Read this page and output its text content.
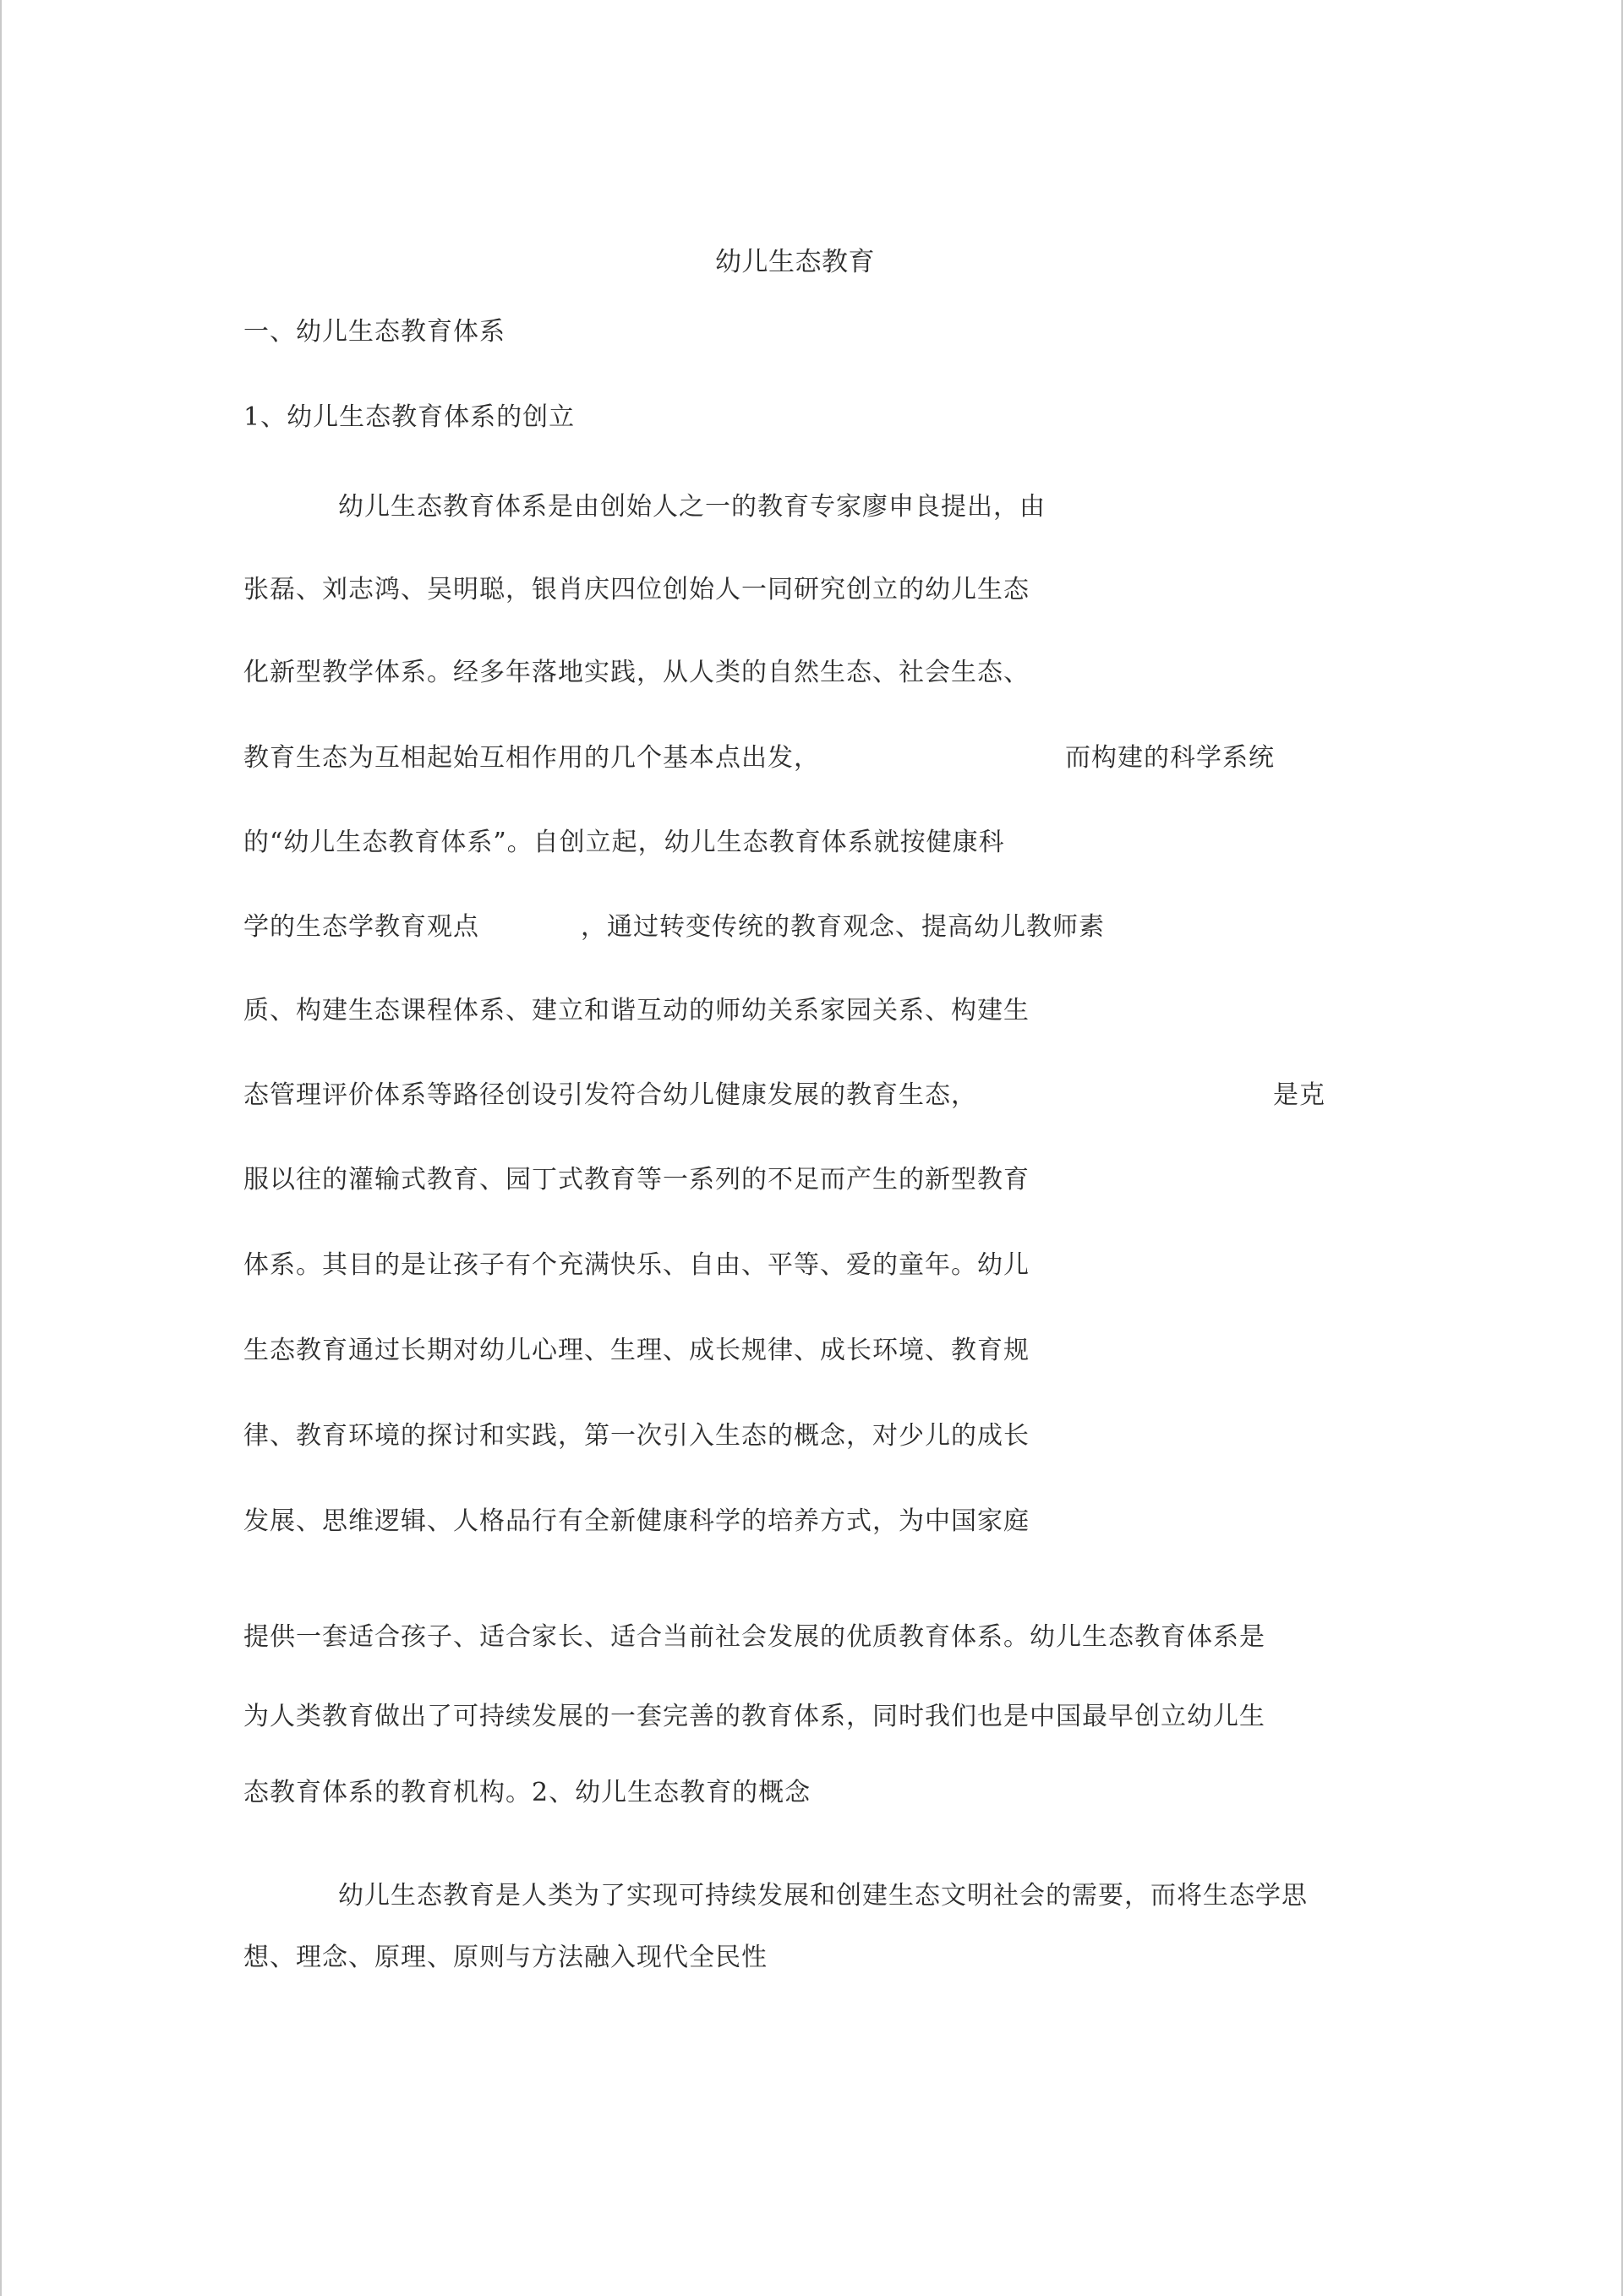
幼儿生态教育
一、幼儿生态教育体系
1、幼儿生态教育体系的创立
幼儿生态教育体系是由创始人之一的教育专家廖申良提出，由
张磊、刘志鸿、吴明聪，银肖庆四位创始人一同研究创立的幼儿生态
化新型教学体系。经多年落地实践，从人类的自然生态、社会生态、
教育生态为互相起始互相作用的几个基本点出发，	而构建的科学系统
的“幼儿生态教育体系”。自创立起，幼儿生态教育体系就按健康科
学的生态学教育观点	，通过转变传统的教育观念、提高幼儿教师素
质、构建生态课程体系、建立和谐互动的师幼关系家园关系、构建生
态管理评价体系等路径创设引发符合幼儿健康发展的教育生态，	是克
服以往的灌输式教育、园丁式教育等一系列的不足而产生的新型教育
体系。其目的是让孩子有个充满快乐、自由、平等、爱的童年。幼儿
生态教育通过长期对幼儿心理、生理、成长规律、成长环境、教育规
律、教育环境的探讨和实践，第一次引入生态的概念，对少儿的成长
发展、思维逻辑、人格品行有全新健康科学的培养方式，为中国家庭
提供一套适合孩子、适合家长、适合当前社会发展的优质教育体系。幼儿生态教育体系是
为人类教育做出了可持续发展的一套完善的教育体系，同时我们也是中国最早创立幼儿生
态教育体系的教育机构。2、幼儿生态教育的概念
幼儿生态教育是人类为了实现可持续发展和创建生态文明社会的需要，而将生态学思
想、理念、原理、原则与方法融入现代全民性
